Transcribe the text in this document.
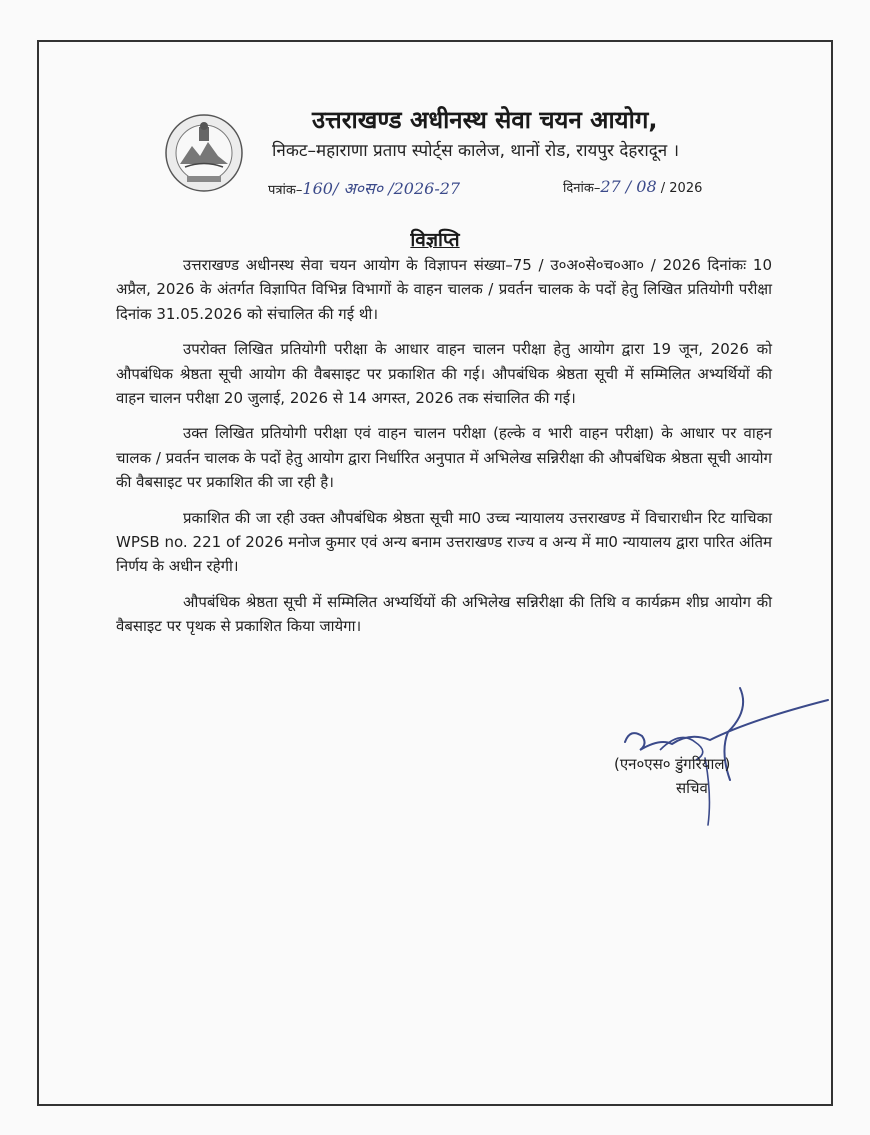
उत्तराखण्ड अधीनस्थ सेवा चयन आयोग,
निकट–महाराणा प्रताप स्पोर्ट्स कालेज, थानों रोड, रायपुर देहरादून ।
पत्रांक–160/ अ०स० /2026-27	दिनांक–27 / 08 / 2026
विज्ञप्ति

उत्तराखण्ड अधीनस्थ सेवा चयन आयोग के विज्ञापन संख्या–75 / उ०अ०से०च०आ० / 2026 दिनांकः 10 अप्रैल, 2026 के अंतर्गत विज्ञापित विभिन्न विभागों के वाहन चालक / प्रवर्तन चालक के पदों हेतु लिखित प्रतियोगी परीक्षा दिनांक 31.05.2026 को संचालित की गई थी।

उपरोक्त लिखित प्रतियोगी परीक्षा के आधार वाहन चालन परीक्षा हेतु आयोग द्वारा 19 जून, 2026 को औपबंधिक श्रेष्ठता सूची आयोग की वैबसाइट पर प्रकाशित की गई। औपबंधिक श्रेष्ठता सूची में सम्मिलित अभ्यर्थियों की वाहन चालन परीक्षा 20 जुलाई, 2026 से 14 अगस्त, 2026 तक संचालित की गई।

उक्त लिखित प्रतियोगी परीक्षा एवं वाहन चालन परीक्षा (हल्के व भारी वाहन परीक्षा) के आधार पर वाहन चालक / प्रवर्तन चालक के पदों हेतु आयोग द्वारा निर्धारित अनुपात में अभिलेख सन्निरीक्षा की औपबंधिक श्रेष्ठता सूची आयोग की वैबसाइट पर प्रकाशित की जा रही है।

प्रकाशित की जा रही उक्त औपबंधिक श्रेष्ठता सूची मा0 उच्च न्यायालय उत्तराखण्ड में विचाराधीन रिट याचिका WPSB no. 221 of 2026 मनोज कुमार एवं अन्य बनाम उत्तराखण्ड राज्य व अन्य में मा0 न्यायालय द्वारा पारित अंतिम निर्णय के अधीन रहेगी।

औपबंधिक श्रेष्ठता सूची में सम्मिलित अभ्यर्थियों की अभिलेख सन्निरीक्षा की तिथि व कार्यक्रम शीघ्र आयोग की वैबसाइट पर पृथक से प्रकाशित किया जायेगा।

(एन०एस० डुंगरियाल)
सचिव
